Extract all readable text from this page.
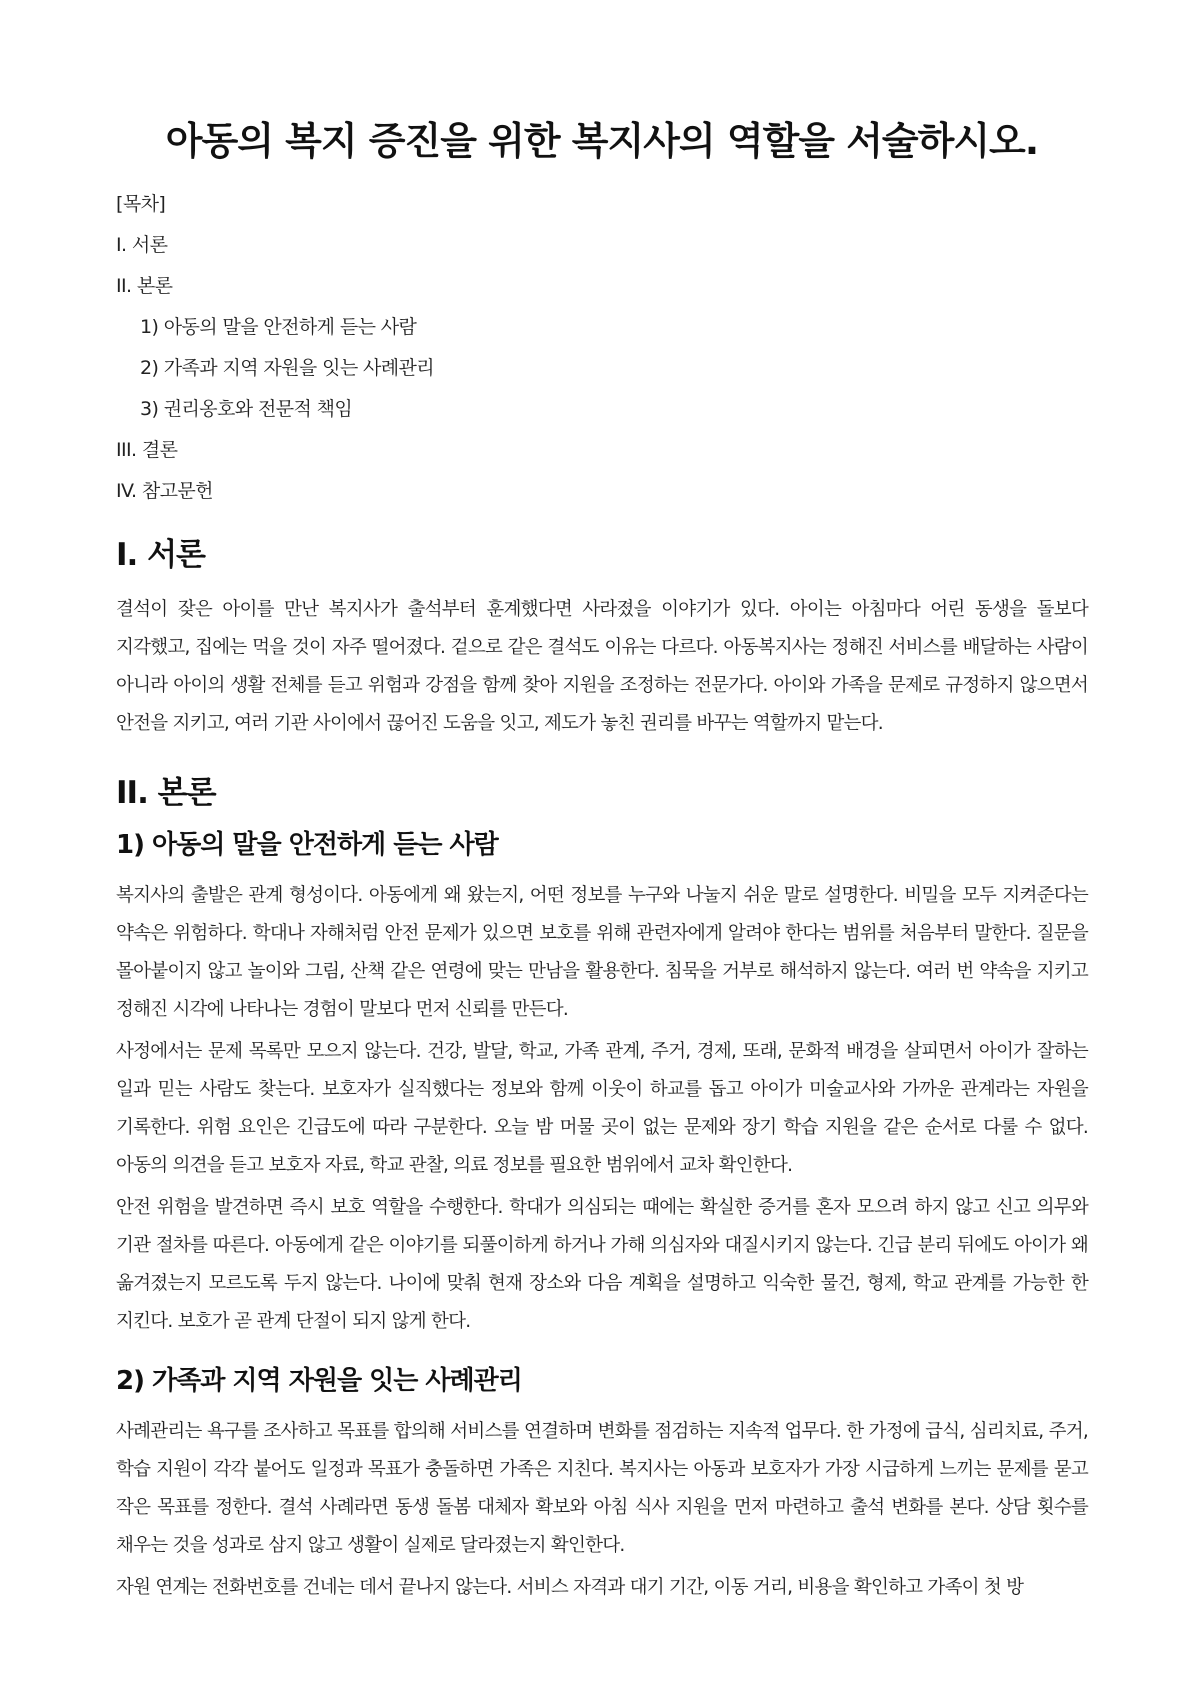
아동의 복지 증진을 위한 복지사의 역할을 서술하시오.

[목차]

I. 서론

II. 본론

1) 아동의 말을 안전하게 듣는 사람

2) 가족과 지역 자원을 잇는 사례관리

3) 권리옹호와 전문적 책임

III. 결론

IV. 참고문헌

I. 서론

결석이 잦은 아이를 만난 복지사가 출석부터 훈계했다면 사라졌을 이야기가 있다. 아이는 아침마다 어린 동생을 돌보다 지각했고, 집에는 먹을 것이 자주 떨어졌다. 겉으로 같은 결석도 이유는 다르다. 아동복지사는 정해진 서비스를 배달하는 사람이 아니라 아이의 생활 전체를 듣고 위험과 강점을 함께 찾아 지원을 조정하는 전문가다. 아이와 가족을 문제로 규정하지 않으면서 안전을 지키고, 여러 기관 사이에서 끊어진 도움을 잇고, 제도가 놓친 권리를 바꾸는 역할까지 맡는다.

II. 본론
1) 아동의 말을 안전하게 듣는 사람

복지사의 출발은 관계 형성이다. 아동에게 왜 왔는지, 어떤 정보를 누구와 나눌지 쉬운 말로 설명한다. 비밀을 모두 지켜준다는 약속은 위험하다. 학대나 자해처럼 안전 문제가 있으면 보호를 위해 관련자에게 알려야 한다는 범위를 처음부터 말한다. 질문을 몰아붙이지 않고 놀이와 그림, 산책 같은 연령에 맞는 만남을 활용한다. 침묵을 거부로 해석하지 않는다. 여러 번 약속을 지키고 정해진 시각에 나타나는 경험이 말보다 먼저 신뢰를 만든다.

사정에서는 문제 목록만 모으지 않는다. 건강, 발달, 학교, 가족 관계, 주거, 경제, 또래, 문화적 배경을 살피면서 아이가 잘하는 일과 믿는 사람도 찾는다. 보호자가 실직했다는 정보와 함께 이웃이 하교를 돕고 아이가 미술교사와 가까운 관계라는 자원을 기록한다. 위험 요인은 긴급도에 따라 구분한다. 오늘 밤 머물 곳이 없는 문제와 장기 학습 지원을 같은 순서로 다룰 수 없다. 아동의 의견을 듣고 보호자 자료, 학교 관찰, 의료 정보를 필요한 범위에서 교차 확인한다.

안전 위험을 발견하면 즉시 보호 역할을 수행한다. 학대가 의심되는 때에는 확실한 증거를 혼자 모으려 하지 않고 신고 의무와 기관 절차를 따른다. 아동에게 같은 이야기를 되풀이하게 하거나 가해 의심자와 대질시키지 않는다. 긴급 분리 뒤에도 아이가 왜 옮겨졌는지 모르도록 두지 않는다. 나이에 맞춰 현재 장소와 다음 계획을 설명하고 익숙한 물건, 형제, 학교 관계를 가능한 한 지킨다. 보호가 곧 관계 단절이 되지 않게 한다.

2) 가족과 지역 자원을 잇는 사례관리

사례관리는 욕구를 조사하고 목표를 합의해 서비스를 연결하며 변화를 점검하는 지속적 업무다. 한 가정에 급식, 심리치료, 주거, 학습 지원이 각각 붙어도 일정과 목표가 충돌하면 가족은 지친다. 복지사는 아동과 보호자가 가장 시급하게 느끼는 문제를 묻고 작은 목표를 정한다. 결석 사례라면 동생 돌봄 대체자 확보와 아침 식사 지원을 먼저 마련하고 출석 변화를 본다. 상담 횟수를 채우는 것을 성과로 삼지 않고 생활이 실제로 달라졌는지 확인한다.

자원 연계는 전화번호를 건네는 데서 끝나지 않는다. 서비스 자격과 대기 기간, 이동 거리, 비용을 확인하고 가족이 첫 방
